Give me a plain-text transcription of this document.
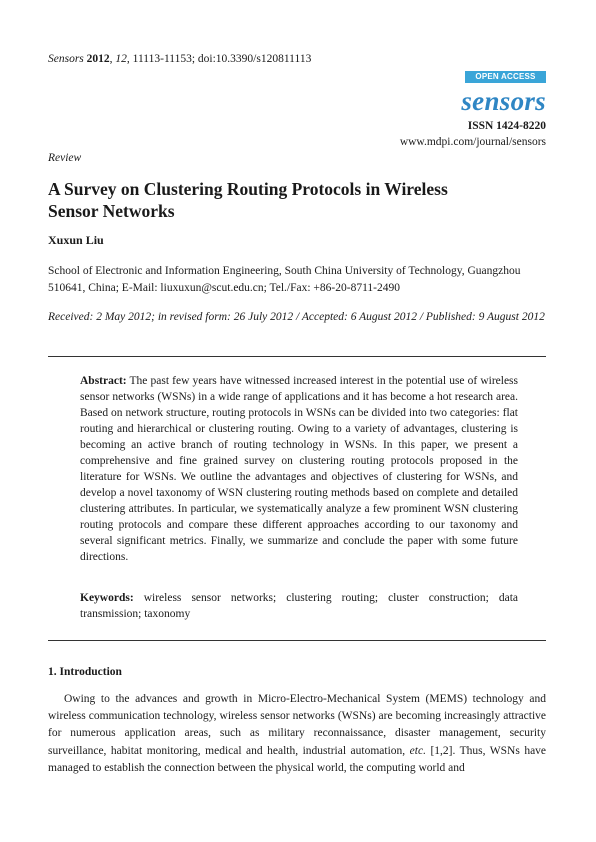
Sensors 2012, 12, 11113-11153; doi:10.3390/s120811113
OPEN ACCESS
sensors
ISSN 1424-8220
www.mdpi.com/journal/sensors
Review
A Survey on Clustering Routing Protocols in Wireless Sensor Networks
Xuxun Liu
School of Electronic and Information Engineering, South China University of Technology, Guangzhou 510641, China; E-Mail: liuxuxun@scut.edu.cn; Tel./Fax: +86-20-8711-2490
Received: 2 May 2012; in revised form: 26 July 2012 / Accepted: 6 August 2012 / Published: 9 August 2012
Abstract: The past few years have witnessed increased interest in the potential use of wireless sensor networks (WSNs) in a wide range of applications and it has become a hot research area. Based on network structure, routing protocols in WSNs can be divided into two categories: flat routing and hierarchical or clustering routing. Owing to a variety of advantages, clustering is becoming an active branch of routing technology in WSNs. In this paper, we present a comprehensive and fine grained survey on clustering routing protocols proposed in the literature for WSNs. We outline the advantages and objectives of clustering for WSNs, and develop a novel taxonomy of WSN clustering routing methods based on complete and detailed clustering attributes. In particular, we systematically analyze a few prominent WSN clustering routing protocols and compare these different approaches according to our taxonomy and several significant metrics. Finally, we summarize and conclude the paper with some future directions.
Keywords: wireless sensor networks; clustering routing; cluster construction; data transmission; taxonomy
1. Introduction
Owing to the advances and growth in Micro-Electro-Mechanical System (MEMS) technology and wireless communication technology, wireless sensor networks (WSNs) are becoming increasingly attractive for numerous application areas, such as military reconnaissance, disaster management, security surveillance, habitat monitoring, medical and health, industrial automation, etc. [1,2]. Thus, WSNs have managed to establish the connection between the physical world, the computing world and
